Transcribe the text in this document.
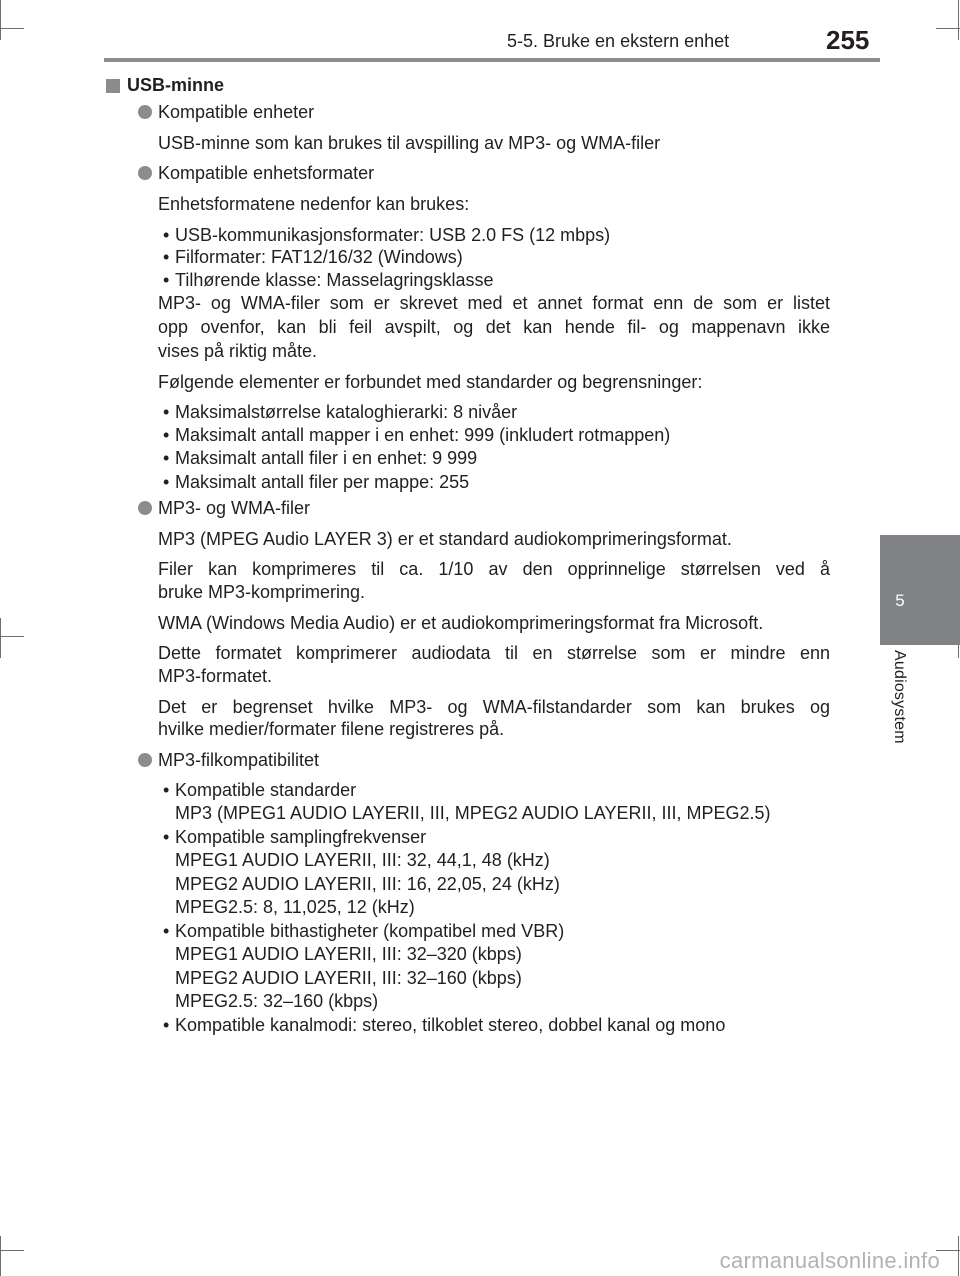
5-5. Bruke en ekstern enhet	255
5
Audiosystem
USB-minne
Kompatible enheter
USB-minne som kan brukes til avspilling av MP3- og WMA-filer
Kompatible enhetsformater
Enhetsformatene nedenfor kan brukes:
• USB-kommunikasjonsformater: USB 2.0 FS (12 mbps)
• Filformater: FAT12/16/32 (Windows)
• Tilhørende klasse: Masselagringsklasse
MP3- og WMA-filer som er skrevet med et annet format enn de som er listet
opp ovenfor, kan bli feil avspilt, og det kan hende fil- og mappenavn ikke
vises på riktig måte.
Følgende elementer er forbundet med standarder og begrensninger:
• Maksimalstørrelse kataloghierarki: 8 nivåer
• Maksimalt antall mapper i en enhet: 999 (inkludert rotmappen)
• Maksimalt antall filer i en enhet: 9 999
• Maksimalt antall filer per mappe: 255
MP3- og WMA-filer
MP3 (MPEG Audio LAYER 3) er et standard audiokomprimeringsformat.
Filer kan komprimeres til ca. 1/10 av den opprinnelige størrelsen ved å
bruke MP3-komprimering.
WMA (Windows Media Audio) er et audiokomprimeringsformat fra Microsoft.
Dette formatet komprimerer audiodata til en størrelse som er mindre enn
MP3-formatet.
Det er begrenset hvilke MP3- og WMA-filstandarder som kan brukes og
hvilke medier/formater filene registreres på.
MP3-filkompatibilitet
• Kompatible standarder
MP3 (MPEG1 AUDIO LAYERII, III, MPEG2 AUDIO LAYERII, III, MPEG2.5)
• Kompatible samplingfrekvenser
MPEG1 AUDIO LAYERII, III: 32, 44,1, 48 (kHz)
MPEG2 AUDIO LAYERII, III: 16, 22,05, 24 (kHz)
MPEG2.5: 8, 11,025, 12 (kHz)
• Kompatible bithastigheter (kompatibel med VBR)
MPEG1 AUDIO LAYERII, III: 32–320 (kbps)
MPEG2 AUDIO LAYERII, III: 32–160 (kbps)
MPEG2.5: 32–160 (kbps)
• Kompatible kanalmodi: stereo, tilkoblet stereo, dobbel kanal og mono
carmanualsonline.info
